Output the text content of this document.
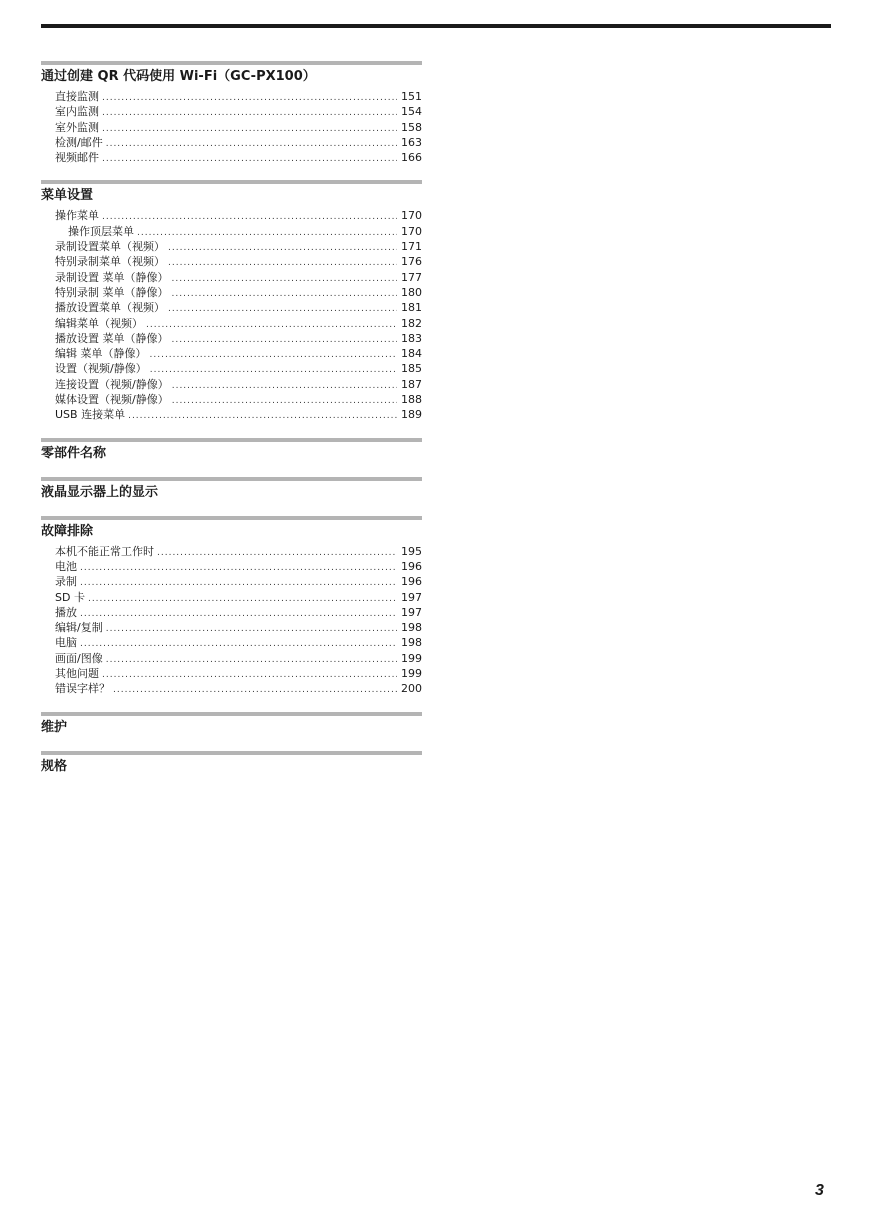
通过创建 QR 代码使用 Wi-Fi（GC-PX100）
直接监测 .....	151
室内监测 .....	154
室外监测 .....	158
检测/邮件 .....	163
视频邮件 .....	166
菜单设置
操作菜单 .....	170
操作顶层菜单 .....	170
录制设置菜单（视频） .....	171
特别录制菜单（视频） .....	176
录制设置 菜单（静像） .....	177
特别录制 菜单（静像） .....	180
播放设置菜单（视频） .....	181
编辑菜单（视频） .....	182
播放设置 菜单（静像） .....	183
编辑 菜单（静像） .....	184
设置（视频/静像） .....	185
连接设置（视频/静像） .....	187
媒体设置（视频/静像） .....	188
USB 连接菜单 .....	189
零部件名称
液晶显示器上的显示
故障排除
本机不能正常工作时 .....	195
电池 .....	196
录制 .....	196
SD 卡 .....	197
播放 .....	197
编辑/复制 .....	198
电脑 .....	198
画面/图像 .....	199
其他问题 .....	199
错误字样？ .....	200
维护
规格
3
